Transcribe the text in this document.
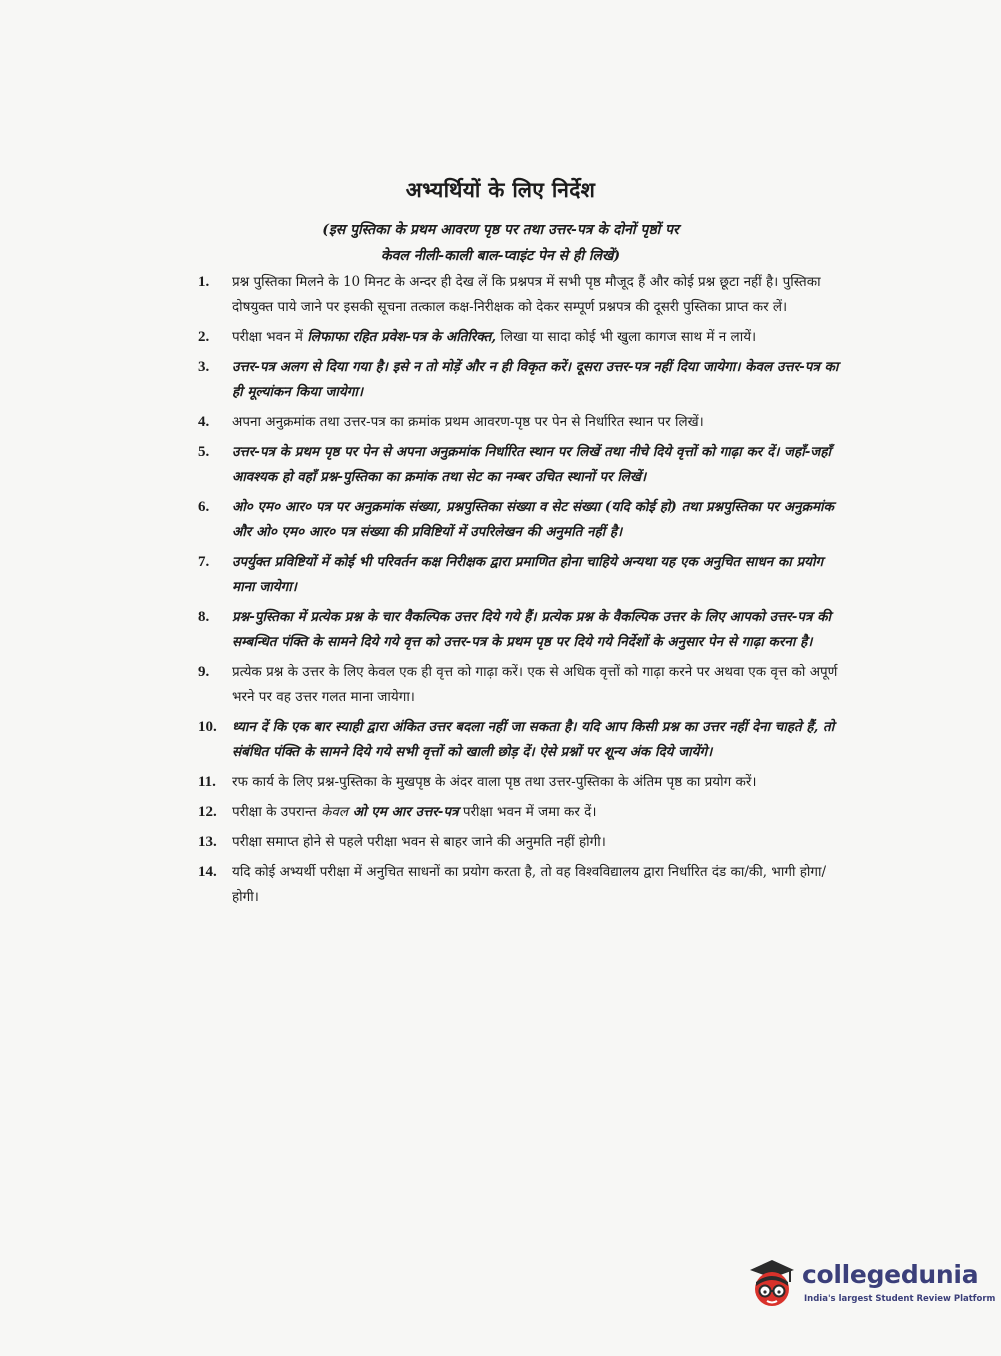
अभ्यर्थियों के लिए निर्देश
(इस पुस्तिका के प्रथम आवरण पृष्ठ पर तथा उत्तर-पत्र के दोनों पृष्ठों पर
केवल नीली-काली बाल-प्वाइंट पेन से ही लिखें)
1. प्रश्न पुस्तिका मिलने के 10 मिनट के अन्दर ही देख लें कि प्रश्नपत्र में सभी पृष्ठ मौजूद हैं और कोई प्रश्न छूटा नहीं है। पुस्तिका दोषयुक्त पाये जाने पर इसकी सूचना तत्काल कक्ष-निरीक्षक को देकर सम्पूर्ण प्रश्नपत्र की दूसरी पुस्तिका प्राप्त कर लें।
2. परीक्षा भवन में लिफाफा रहित प्रवेश-पत्र के अतिरिक्त, लिखा या सादा कोई भी खुला कागज साथ में न लायें।
3. उत्तर-पत्र अलग से दिया गया है। इसे न तो मोड़ें और न ही विकृत करें। दूसरा उत्तर-पत्र नहीं दिया जायेगा। केवल उत्तर-पत्र का ही मूल्यांकन किया जायेगा।
4. अपना अनुक्रमांक तथा उत्तर-पत्र का क्रमांक प्रथम आवरण-पृष्ठ पर पेन से निर्धारित स्थान पर लिखें।
5. उत्तर-पत्र के प्रथम पृष्ठ पर पेन से अपना अनुक्रमांक निर्धारित स्थान पर लिखें तथा नीचे दिये वृत्तों को गाढ़ा कर दें। जहाँ-जहाँ आवश्यक हो वहाँ प्रश्न-पुस्तिका का क्रमांक तथा सेट का नम्बर उचित स्थानों पर लिखें।
6. ओ० एम० आर० पत्र पर अनुक्रमांक संख्या, प्रश्नपुस्तिका संख्या व सेट संख्या (यदि कोई हो) तथा प्रश्नपुस्तिका पर अनुक्रमांक और ओ० एम० आर० पत्र संख्या की प्रविष्टियों में उपरिलेखन की अनुमति नहीं है।
7. उपर्युक्त प्रविष्टियों में कोई भी परिवर्तन कक्ष निरीक्षक द्वारा प्रमाणित होना चाहिये अन्यथा यह एक अनुचित साधन का प्रयोग माना जायेगा।
8. प्रश्न-पुस्तिका में प्रत्येक प्रश्न के चार वैकल्पिक उत्तर दिये गये हैं। प्रत्येक प्रश्न के वैकल्पिक उत्तर के लिए आपको उत्तर-पत्र की सम्बन्धित पंक्ति के सामने दिये गये वृत्त को उत्तर-पत्र के प्रथम पृष्ठ पर दिये गये निर्देशों के अनुसार पेन से गाढ़ा करना है।
9. प्रत्येक प्रश्न के उत्तर के लिए केवल एक ही वृत्त को गाढ़ा करें। एक से अधिक वृत्तों को गाढ़ा करने पर अथवा एक वृत्त को अपूर्ण भरने पर वह उत्तर गलत माना जायेगा।
10. ध्यान दें कि एक बार स्याही द्वारा अंकित उत्तर बदला नहीं जा सकता है। यदि आप किसी प्रश्न का उत्तर नहीं देना चाहते हैं, तो संबंधित पंक्ति के सामने दिये गये सभी वृत्तों को खाली छोड़ दें। ऐसे प्रश्नों पर शून्य अंक दिये जायेंगे।
11. रफ कार्य के लिए प्रश्न-पुस्तिका के मुखपृष्ठ के अंदर वाला पृष्ठ तथा उत्तर-पुस्तिका के अंतिम पृष्ठ का प्रयोग करें।
12. परीक्षा के उपरान्त केवल ओ एम आर उत्तर-पत्र परीक्षा भवन में जमा कर दें।
13. परीक्षा समाप्त होने से पहले परीक्षा भवन से बाहर जाने की अनुमति नहीं होगी।
14. यदि कोई अभ्यर्थी परीक्षा में अनुचित साधनों का प्रयोग करता है, तो वह विश्वविद्यालय द्वारा निर्धारित दंड का/की, भागी होगा/होगी।
collegedunia
India's largest Student Review Platform
